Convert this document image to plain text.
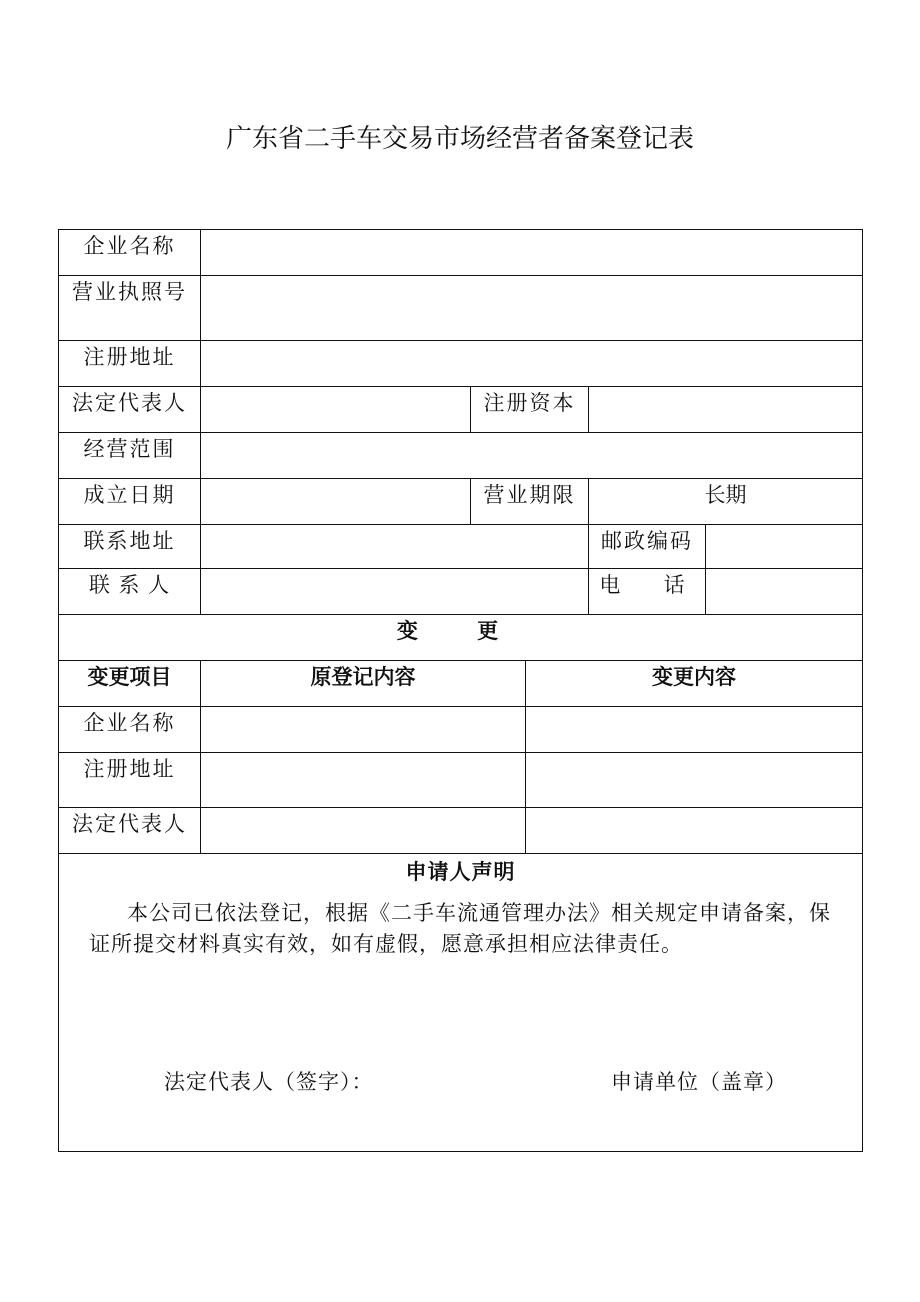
广东省二手车交易市场经营者备案登记表
企业名称					
营业执照号					
注册地址					
法定代表人		注册资本			
经营范围					
成立日期		营业期限		长期	
联系地址				邮政编码	
联 系 人				电  话	
变 更					
变更项目	原登记内容		变更内容		
企业名称					
注册地址					
法定代表人					

申请人声明
本公司已依法登记，根据《二手车流通管理办法》相关规定申请备案，保证所提交材料真实有效，如有虚假，愿意承担相应法律责任。
法定代表人（签字）： 申请单位（盖章）					
